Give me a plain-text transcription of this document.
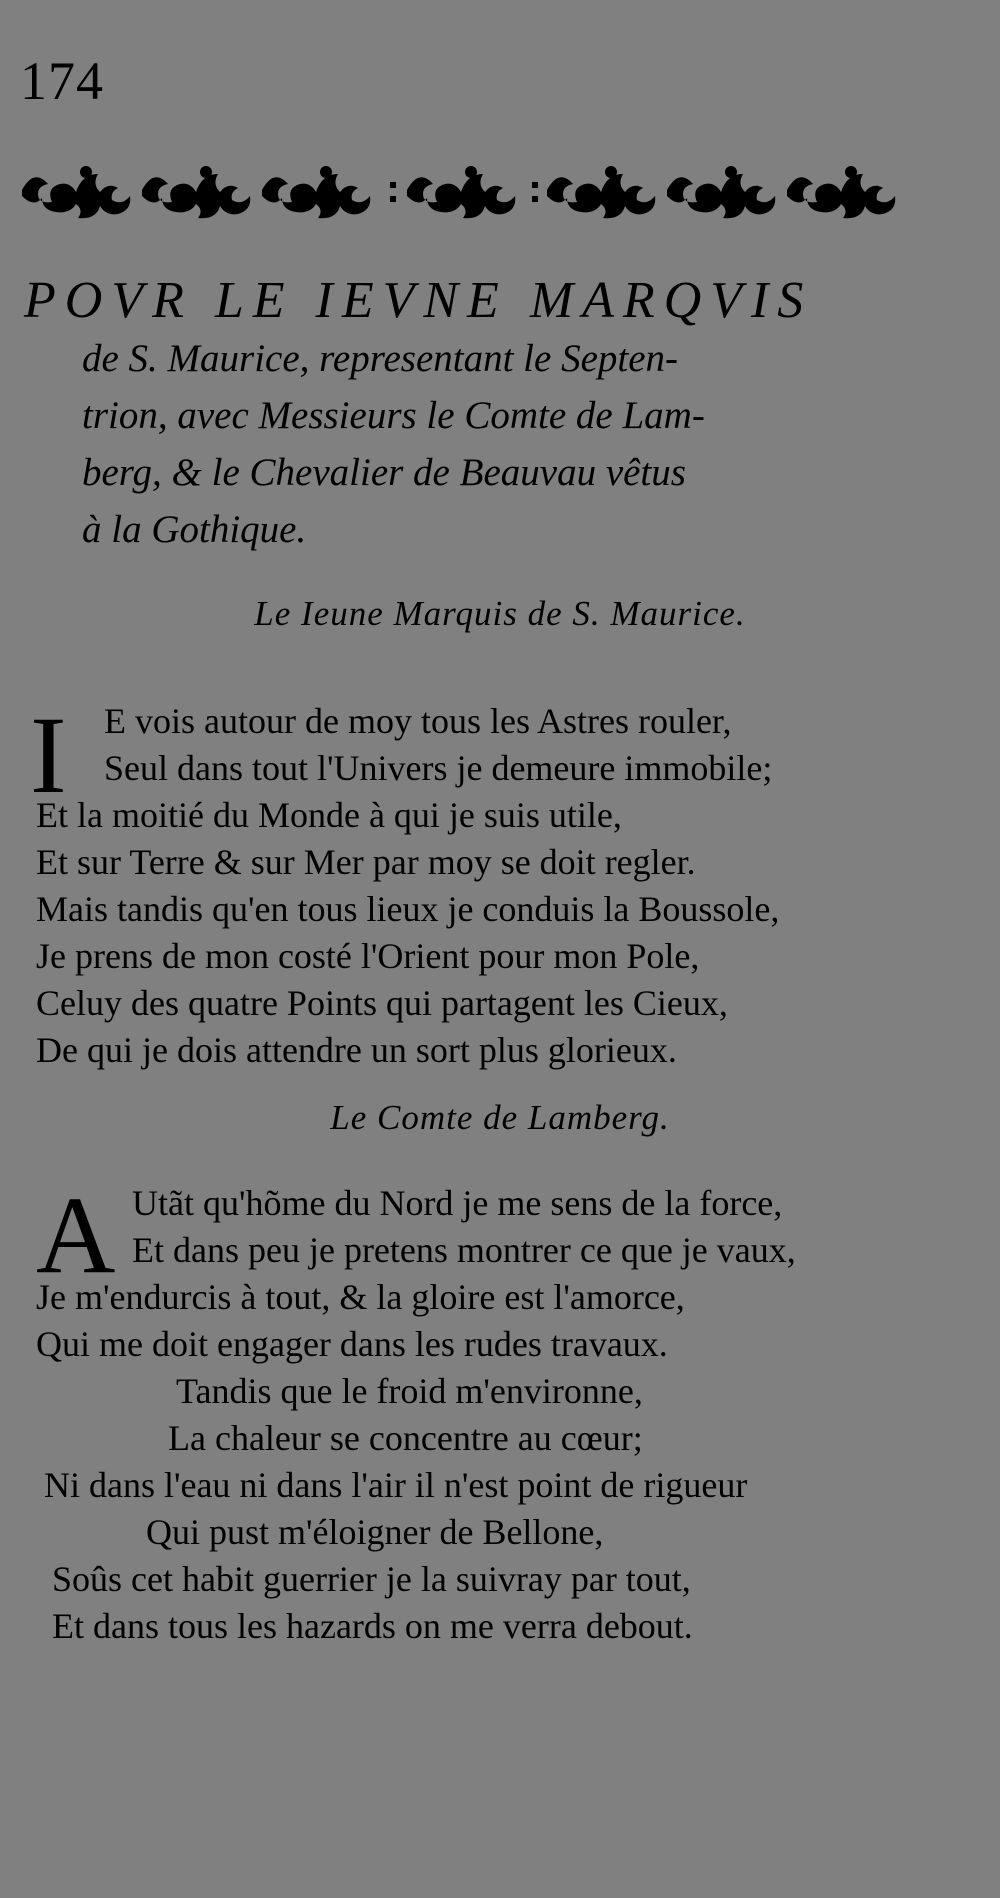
174
POVR LE IEVNE MARQVIS
de S. Maurice, representant le Septen-
trion, avec Messieurs le Comte de Lam-
berg, & le Chevalier de Beauvau vêtus
à la Gothique.
Le Ieune Marquis de S. Maurice.
I	E vois autour de moy tous les Astres rouler,
Seul dans tout l'Univers je demeure immobile;
Et la moitié du Monde à qui je suis utile,
Et sur Terre & sur Mer par moy se doit regler.
Mais tandis qu'en tous lieux je conduis la Boussole,
Je prens de mon costé l'Orient pour mon Pole,
Celuy des quatre Points qui partagent les Cieux,
De qui je dois attendre un sort plus glorieux.
Le Comte de Lamberg.
A Utãt qu'hõme du Nord je me sens de la force,
Et dans peu je pretens montrer ce que je vaux,
Je m'endurcis à tout, & la gloire est l'amorce,
Qui me doit engager dans les rudes travaux.
Tandis que le froid m'environne,
La chaleur se concentre au cœur;
Ni dans l'eau ni dans l'air il n'est point de rigueur
Qui pust m'éloigner de Bellone,
Soûs cet habit guerrier je la suivray par tout,
Et dans tous les hazards on me verra debout.
